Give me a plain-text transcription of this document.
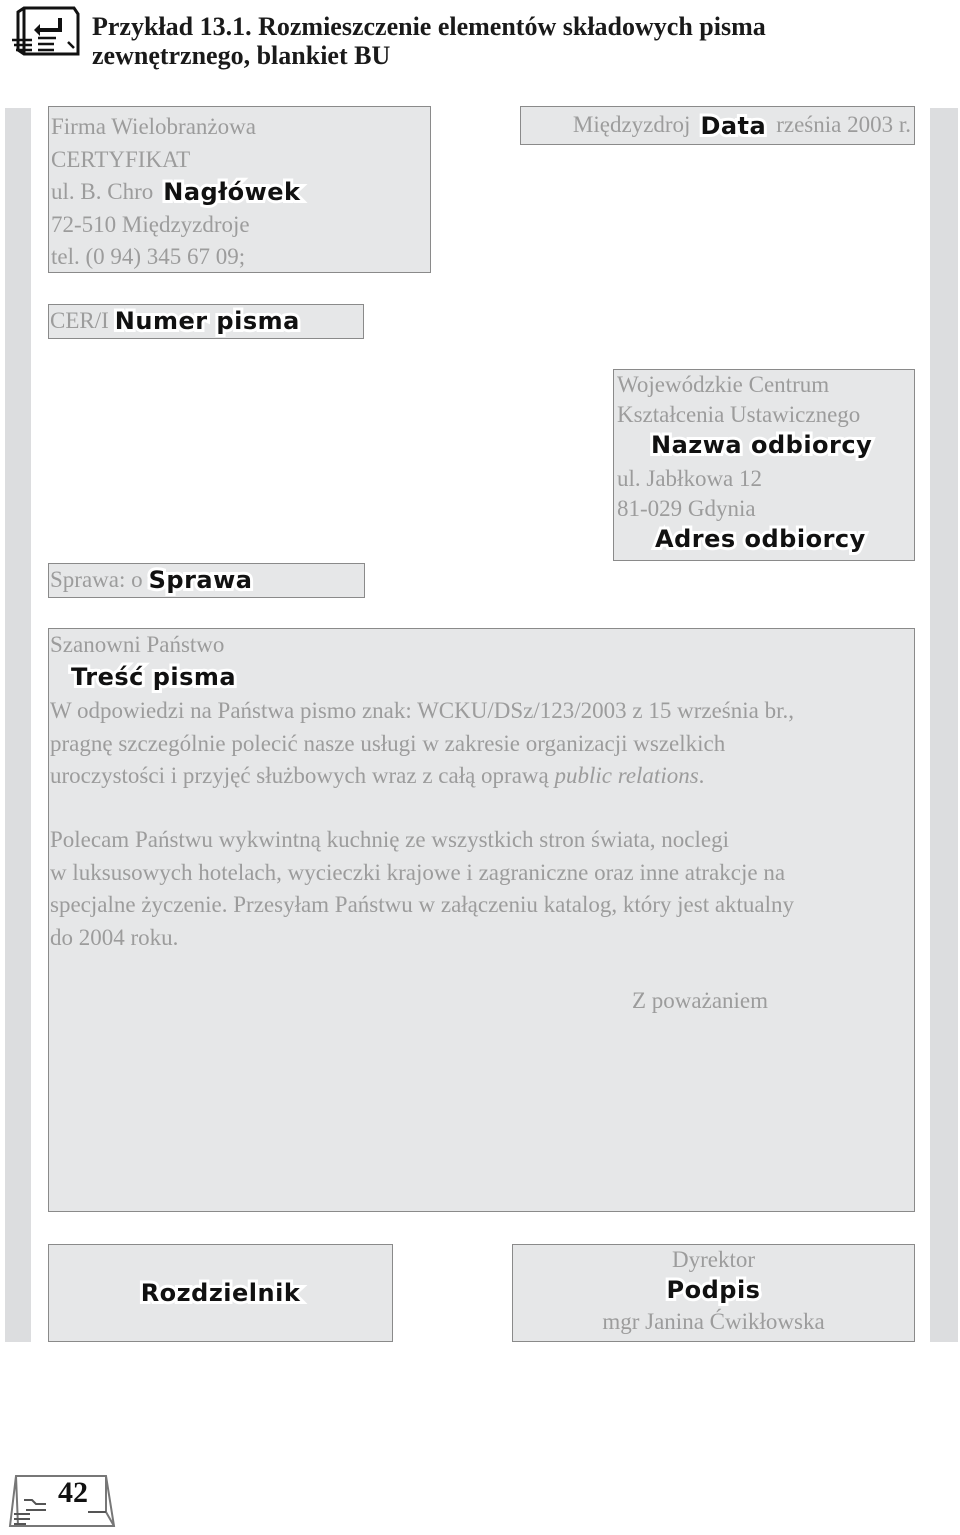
Przykład 13.1. Rozmieszczenie elementów składowych pisma
zewnętrznego, blankiet BU
Firma Wielobranżowa
CERTYFIKAT
ul. B. Chro Nagłówek
72-510 Międzyzdroje
tel. (0 94) 345 67 09;
Międzyzdroj Data rześnia 2003 r.
CER/I Numer pisma
Wojewódzkie Centrum
Kształcenia Ustawicznego
Nazwa odbiorcy
ul. Jabłkowa 12
81-029 Gdynia
Adres odbiorcy
Sprawa: o Sprawa
Szanowni Państwo
Treść pisma

W odpowiedzi na Państwa pismo znak: WCKU/DSz/123/2003 z 15 września br.,

pragnę szczególnie polecić nasze usługi w zakresie organizacji wszelkich

uroczystości i przyjęć służbowych wraz z całą oprawą public relations.

Polecam Państwu wykwintną kuchnię ze wszystkich stron świata, noclegi

w luksusowych hotelach, wycieczki krajowe i zagraniczne oraz inne atrakcje na

specjalne życzenie. Przesyłam Państwu w załączeniu katalog, który jest aktualny

do 2004 roku.

Z poważaniem
Rozdzielnik
Dyrektor
Podpis
mgr Janina Ćwikłowska
42
